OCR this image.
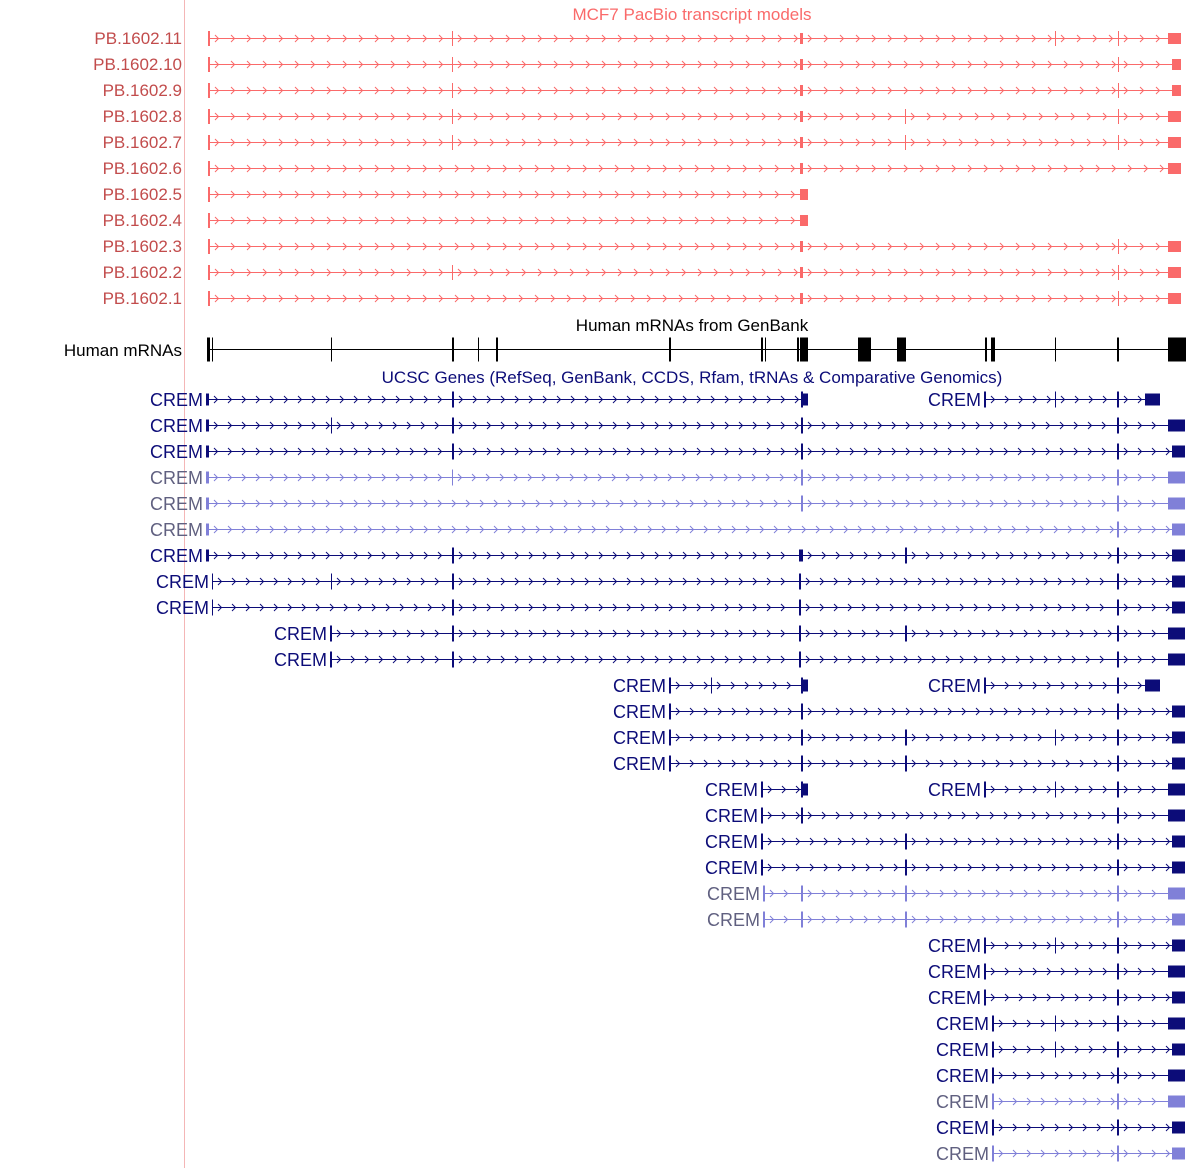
MCF7 PacBio transcript models
PB.1602.11
PB.1602.10
PB.1602.9
PB.1602.8
PB.1602.7
PB.1602.6
PB.1602.5
PB.1602.4
PB.1602.3
PB.1602.2
PB.1602.1
Human mRNAs from GenBank
Human mRNAs
UCSC Genes (RefSeq, GenBank, CCDS, Rfam, tRNAs & Comparative Genomics)
CREM	CREM
CREM
CREM
CREM
CREM
CREM
CREM
CREM
CREM
CREM
CREM
CREM	CREM
CREM
CREM
CREM
CREM	CREM
CREM
CREM
CREM
CREM
CREM
CREM
CREM
CREM
CREM
CREM
CREM
CREM
CREM
CREM
